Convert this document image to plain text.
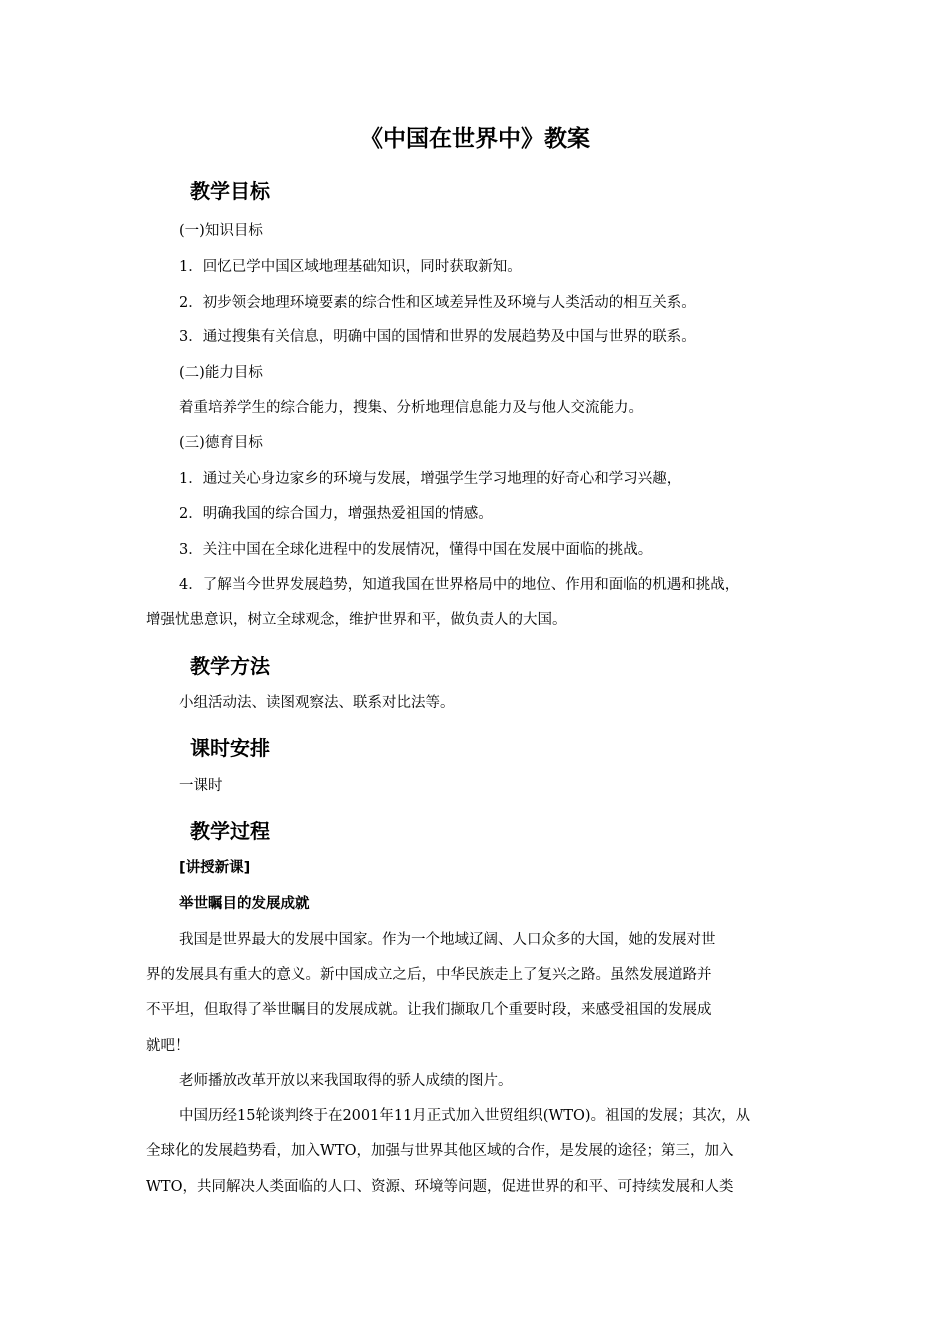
《中国在世界中》教案
教学目标
(一)知识目标
1．回忆已学中国区域地理基础知识，同时获取新知。
2．初步领会地理环境要素的综合性和区域差异性及环境与人类活动的相互关系。
3．通过搜集有关信息，明确中国的国情和世界的发展趋势及中国与世界的联系。
(二)能力目标
着重培养学生的综合能力，搜集、分析地理信息能力及与他人交流能力。
(三)德育目标
1．通过关心身边家乡的环境与发展，增强学生学习地理的好奇心和学习兴趣，
2．明确我国的综合国力，增强热爱祖国的情感。
3．关注中国在全球化进程中的发展情况，懂得中国在发展中面临的挑战。
4．了解当今世界发展趋势，知道我国在世界格局中的地位、作用和面临的机遇和挑战，
增强忧患意识，树立全球观念，维护世界和平，做负责人的大国。
教学方法
小组活动法、读图观察法、联系对比法等。
课时安排
一课时
教学过程
[讲授新课]
举世瞩目的发展成就
我国是世界最大的发展中国家。作为一个地域辽阔、人口众多的大国，她的发展对世
界的发展具有重大的意义。新中国成立之后，中华民族走上了复兴之路。虽然发展道路并
不平坦，但取得了举世瞩目的发展成就。让我们撷取几个重要时段，来感受祖国的发展成
就吧！
老师播放改革开放以来我国取得的骄人成绩的图片。
中国历经15轮谈判终于在2001年11月正式加入世贸组织(WTO)。祖国的发展；其次，从
全球化的发展趋势看，加入WTO，加强与世界其他区域的合作，是发展的途径；第三，加入
WTO，共同解决人类面临的人口、资源、环境等问题，促进世界的和平、可持续发展和人类
